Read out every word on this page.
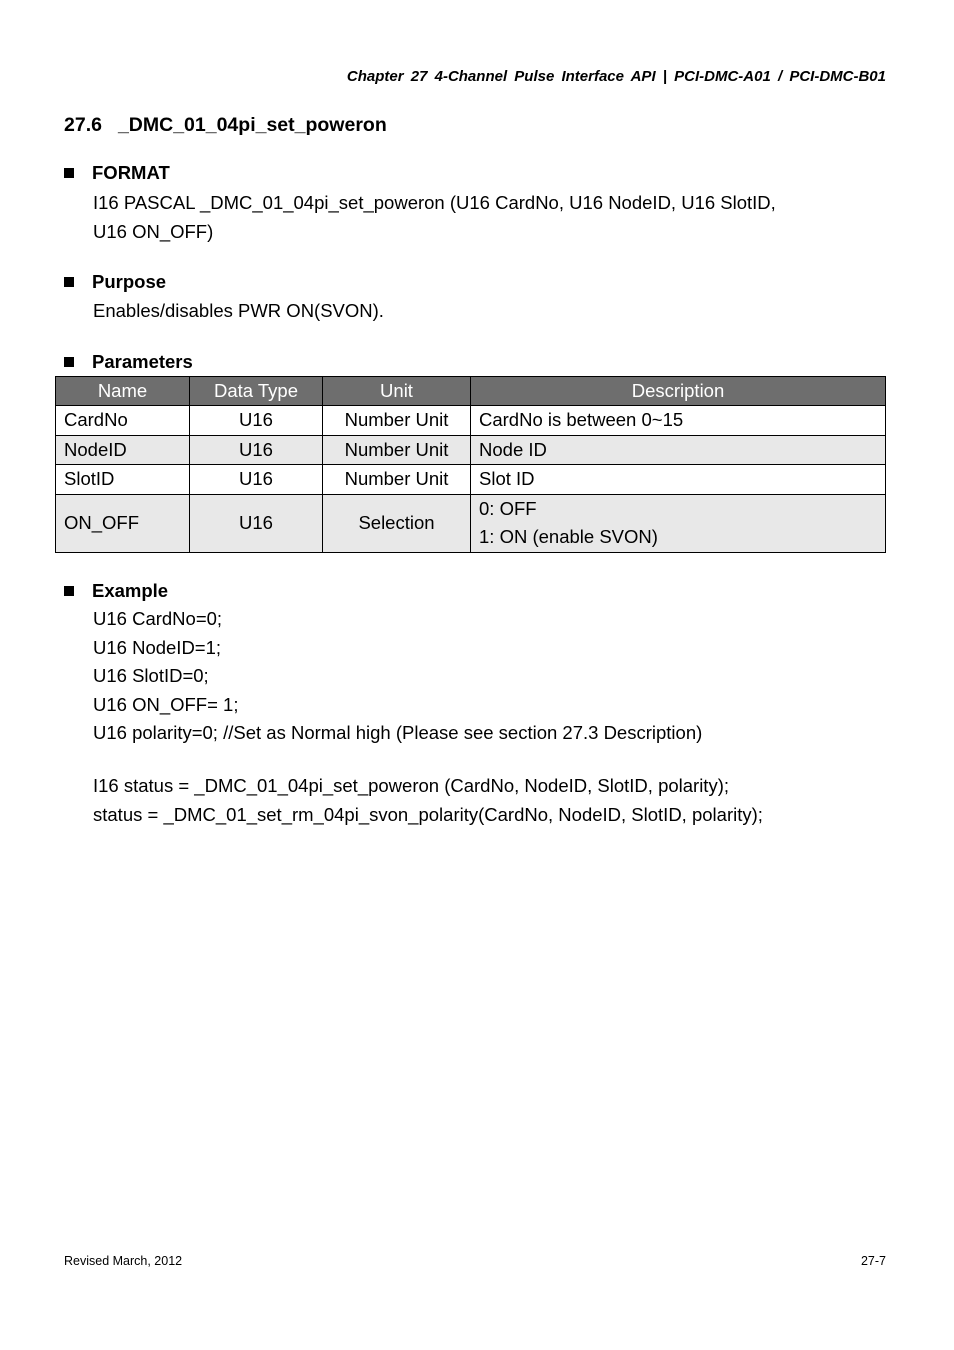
Chapter 27 4-Channel Pulse Interface API | PCI-DMC-A01 / PCI-DMC-B01
27.6 _DMC_01_04pi_set_poweron
FORMAT
I16 PASCAL _DMC_01_04pi_set_poweron (U16 CardNo, U16 NodeID, U16 SlotID,
U16 ON_OFF)
Purpose
Enables/disables PWR ON(SVON).
Parameters
Name	Data Type	Unit	Description
CardNo	U16	Number Unit	CardNo is between 0~15
NodeID	U16	Number Unit	Node ID
SlotID	U16	Number Unit	Slot ID
ON_OFF	U16	Selection	0: OFF
1: ON (enable SVON)
Example
U16 CardNo=0;
U16 NodeID=1;
U16 SlotID=0;
U16 ON_OFF= 1;
U16 polarity=0; //Set as Normal high (Please see section 27.3 Description)
I16 status = _DMC_01_04pi_set_poweron (CardNo, NodeID, SlotID, polarity);
status = _DMC_01_set_rm_04pi_svon_polarity(CardNo, NodeID, SlotID, polarity);
Revised March, 2012	27-7
